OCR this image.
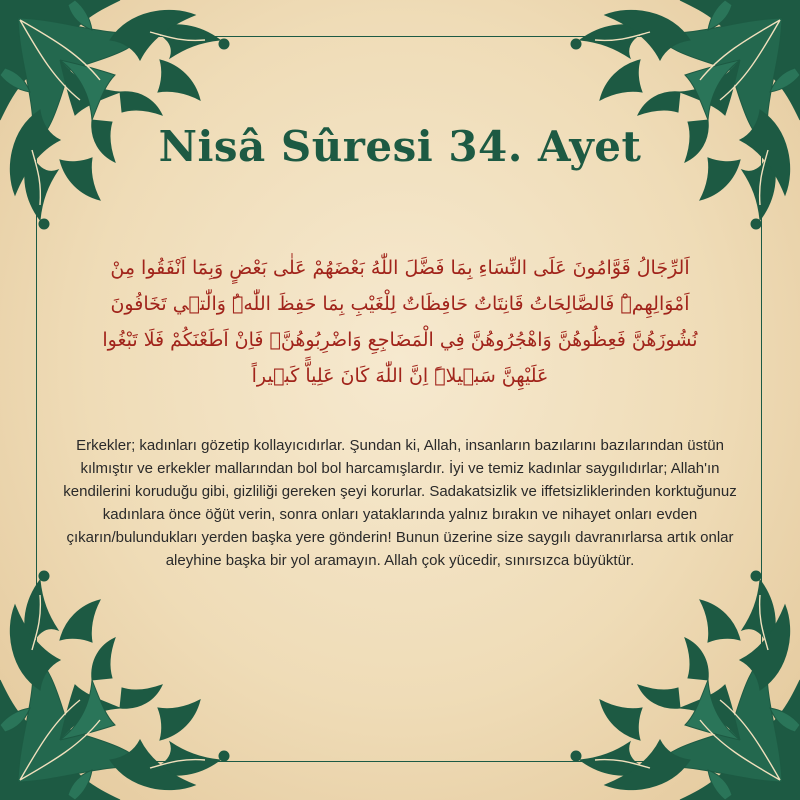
Nisâ Sûresi 34. Ayet
اَلرِّجَالُ قَوَّامُونَ عَلَى النِّسَاءِ بِمَا فَضَّلَ اللّٰهُ بَعْضَهُمْ عَلٰى بَعْضٍ وَبِمَٓا اَنْفَقُوا مِنْ اَمْوَالِهِمْۜ فَالصَّالِحَاتُ قَانِتَاتٌ حَافِظَاتٌ لِلْغَيْبِ بِمَا حَفِظَ اللّٰهُۜ وَالّٰت۪ي تَخَافُونَ نُشُوزَهُنَّ فَعِظُوهُنَّ وَاهْجُرُوهُنَّ فِي الْمَضَاجِعِ وَاضْرِبُوهُنَّۚ فَاِنْ اَطَعْنَكُمْ فَلَا تَبْغُوا عَلَيْهِنَّ سَب۪يلاًۜ اِنَّ اللّٰهَ كَانَ عَلِياًّ كَب۪يراً
Erkekler; kadınları gözetip kollayıcıdırlar. Şundan ki, Allah, insanların bazılarını bazılarından üstün kılmıştır ve erkekler mallarından bol bol harcamışlardır. İyi ve temiz kadınlar saygılıdırlar; Allah'ın kendilerini koruduğu gibi, gizliliği gereken şeyi korurlar. Sadakatsizlik ve iffetsizliklerinden korktuğunuz kadınlara önce öğüt verin, sonra onları yataklarında yalnız bırakın ve nihayet onları evden çıkarın/bulundukları yerden başka yere gönderin! Bunun üzerine size saygılı davranırlarsa artık onlar aleyhine başka bir yol aramayın. Allah çok yücedir, sınırsızca büyüktür.
